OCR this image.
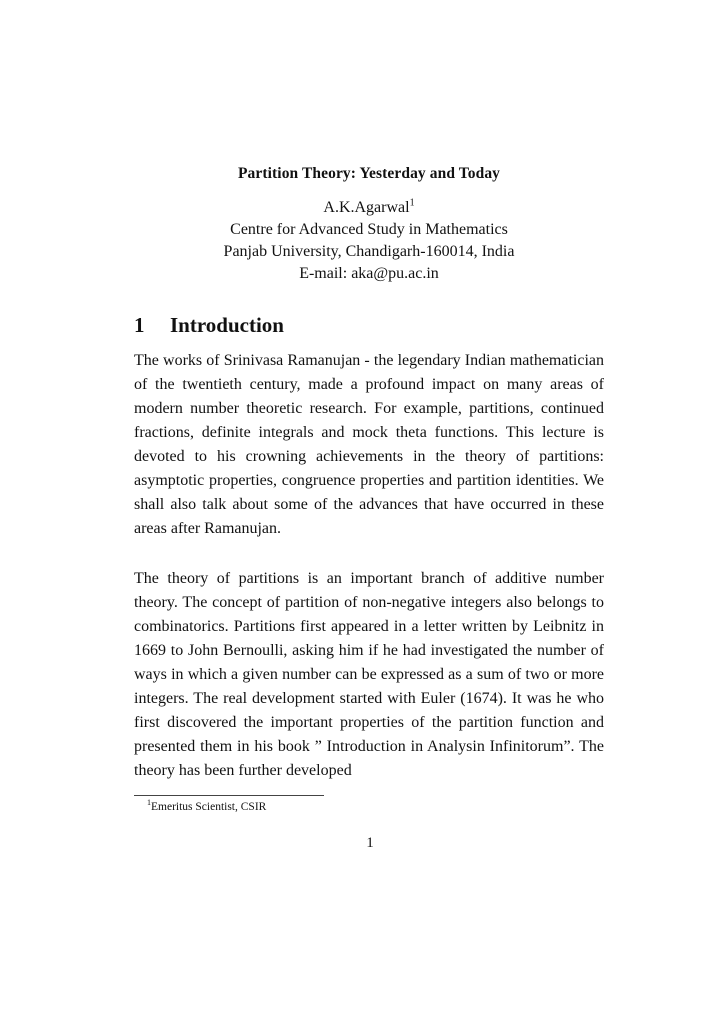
Partition Theory: Yesterday and Today

A.K.Agarwal$^1$

Centre for Advanced Study in Mathematics

Panjab University, Chandigarh-160014, India

E-mail: aka@pu.ac.in

1 Introduction

The works of Srinivasa Ramanujan - the legendary Indian mathematician of the twentieth century, made a profound impact on many areas of modern number theoretic research. For example, partitions, continued fractions, definite integrals and mock theta functions. This lecture is devoted to his crowning achievements in the theory of partitions: asymptotic properties, congruence properties and partition identities. We shall also talk about some of the advances that have occurred in these areas after Ramanujan.

The theory of partitions is an important branch of additive number theory. The concept of partition of non-negative integers also belongs to combinatorics. Partitions first appeared in a letter written by Leibnitz in 1669 to John Bernoulli, asking him if he had investigated the number of ways in which a given number can be expressed as a sum of two or more integers. The real development started with Euler (1674). It was he who first discovered the important properties of the partition function and presented them in his book ” Introduction in Analysin Infinitorum”. The theory has been further developed

$^1$Emeritus Scientist, CSIR

1
